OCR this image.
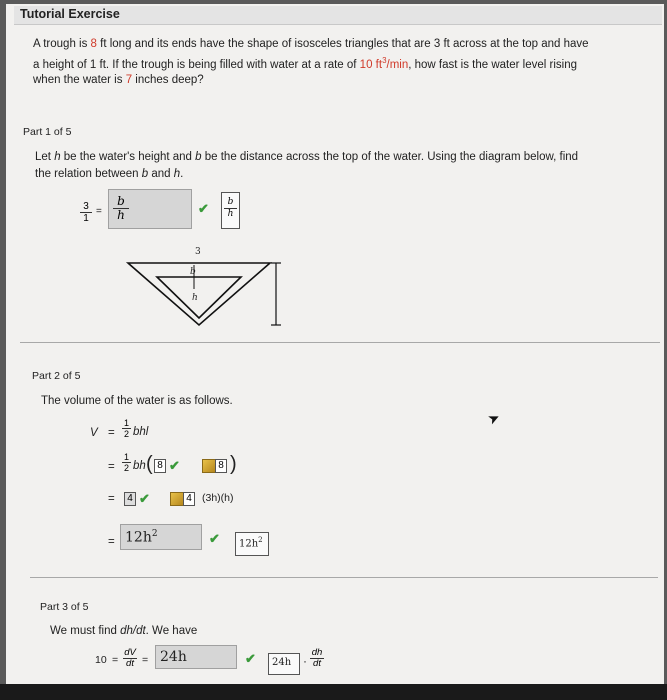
Tutorial Exercise
A trough is 8 ft long and its ends have the shape of isosceles triangles that are 3 ft across at the top and have
a height of 1 ft. If the trough is being filled with water at a rate of 10 $ft^3/\min$, how fast is the water level rising
when the water is 7 inches deep?
Part 1 of 5
Let h be the water's height and b be the distance across the top of the water. Using the diagram below, find
the relation between b and h.
$\frac{3}{1} = \frac{b}{h}$	✔ $\frac{b}{h}$
3
b
h
Part 2 of 5
The volume of the water is as follows.
$V = \frac{1}{2}$ bhl
= $\frac{1}{2}$ bh ( 8 ✔	8 )
=	4 ✔	4 (3h)(h)
= $12h^2$	✔ $12h^2$
➤
Part 3 of 5
We must find dh/dt. We have
$10 = \frac{dV}{dt} = 24h$	✔ $24h \cdot \frac{dh}{dt}$
